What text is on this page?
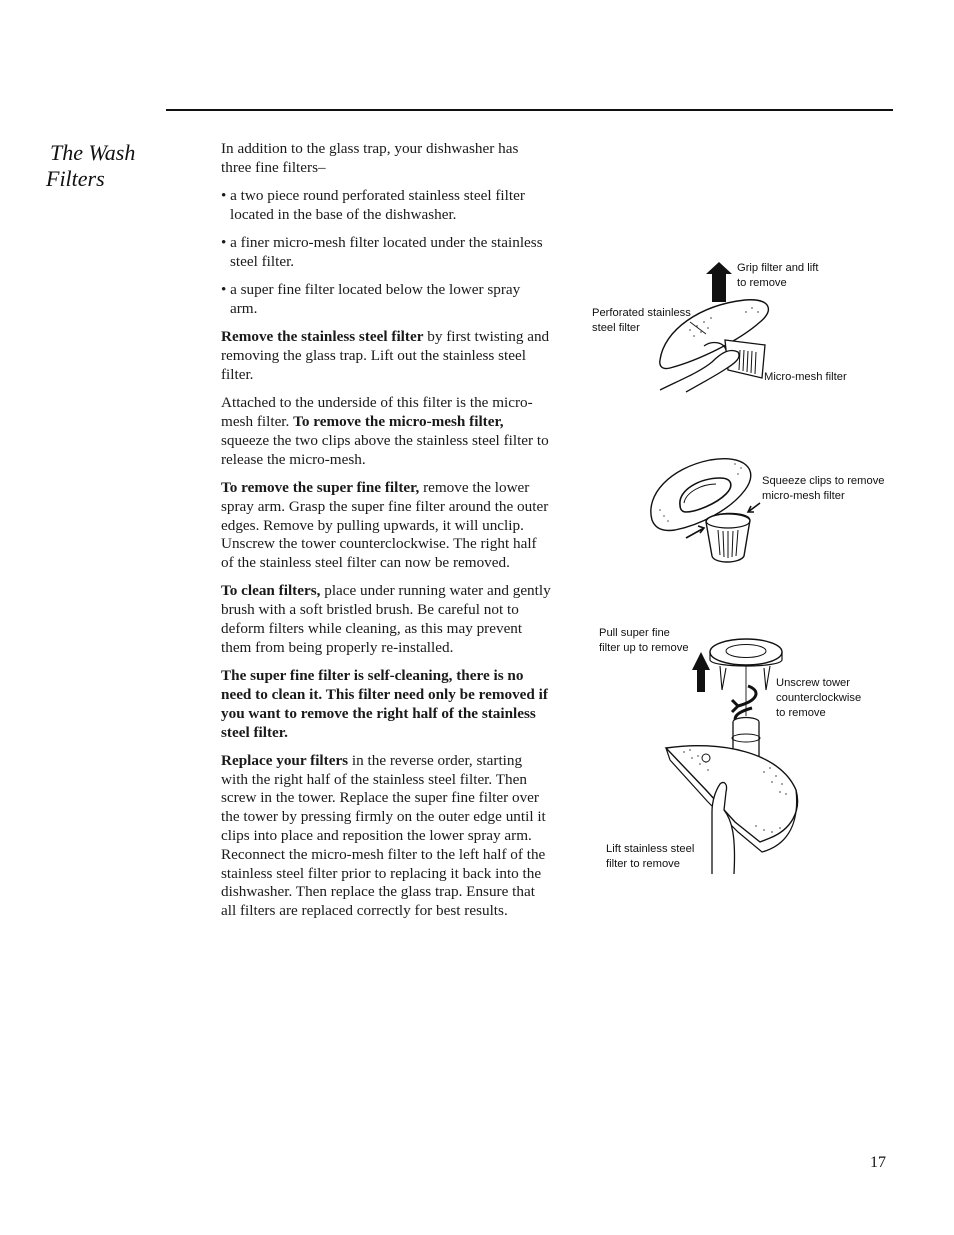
The Wash
Filters

In addition to the glass trap, your dishwasher has three fine filters–

• a two piece round perforated stainless steel filter located in the base of the dishwasher.

• a finer micro-mesh filter located under the stainless steel filter.

• a super fine filter located below the lower spray arm.

Remove the stainless steel filter by first twisting and removing the glass trap. Lift out the stainless steel filter.

Attached to the underside of this filter is the micro-mesh filter. To remove the micro-mesh filter, squeeze the two clips above the stainless steel filter to release the micro-mesh.

To remove the super fine filter, remove the lower spray arm. Grasp the super fine filter around the outer edges. Remove by pulling upwards, it will unclip. Unscrew the tower counterclockwise. The right half of the stainless steel filter can now be removed.

To clean filters, place under running water and gently brush with a soft bristled brush. Be careful not to deform filters while cleaning, as this may prevent them from being properly re-installed.

The super fine filter is self-cleaning, there is no need to clean it. This filter need only be removed if you want to remove the right half of the stainless steel filter.

Replace your filters in the reverse order, starting with the right half of the stainless steel filter. Then screw in the tower. Replace the super fine filter over the tower by pressing firmly on the outer edge until it clips into place and reposition the lower spray arm. Reconnect the micro-mesh filter to the left half of the stainless steel filter prior to replacing it back into the dishwasher. Then replace the glass trap. Ensure that all filters are replaced correctly for best results.

Grip filter and lift
to remove
Perforated stainless
steel filter
Micro-mesh filter
Squeeze clips to remove
micro-mesh filter
Pull super fine
filter up to remove
Unscrew tower
counterclockwise
to remove
Lift stainless steel
filter to remove
17
